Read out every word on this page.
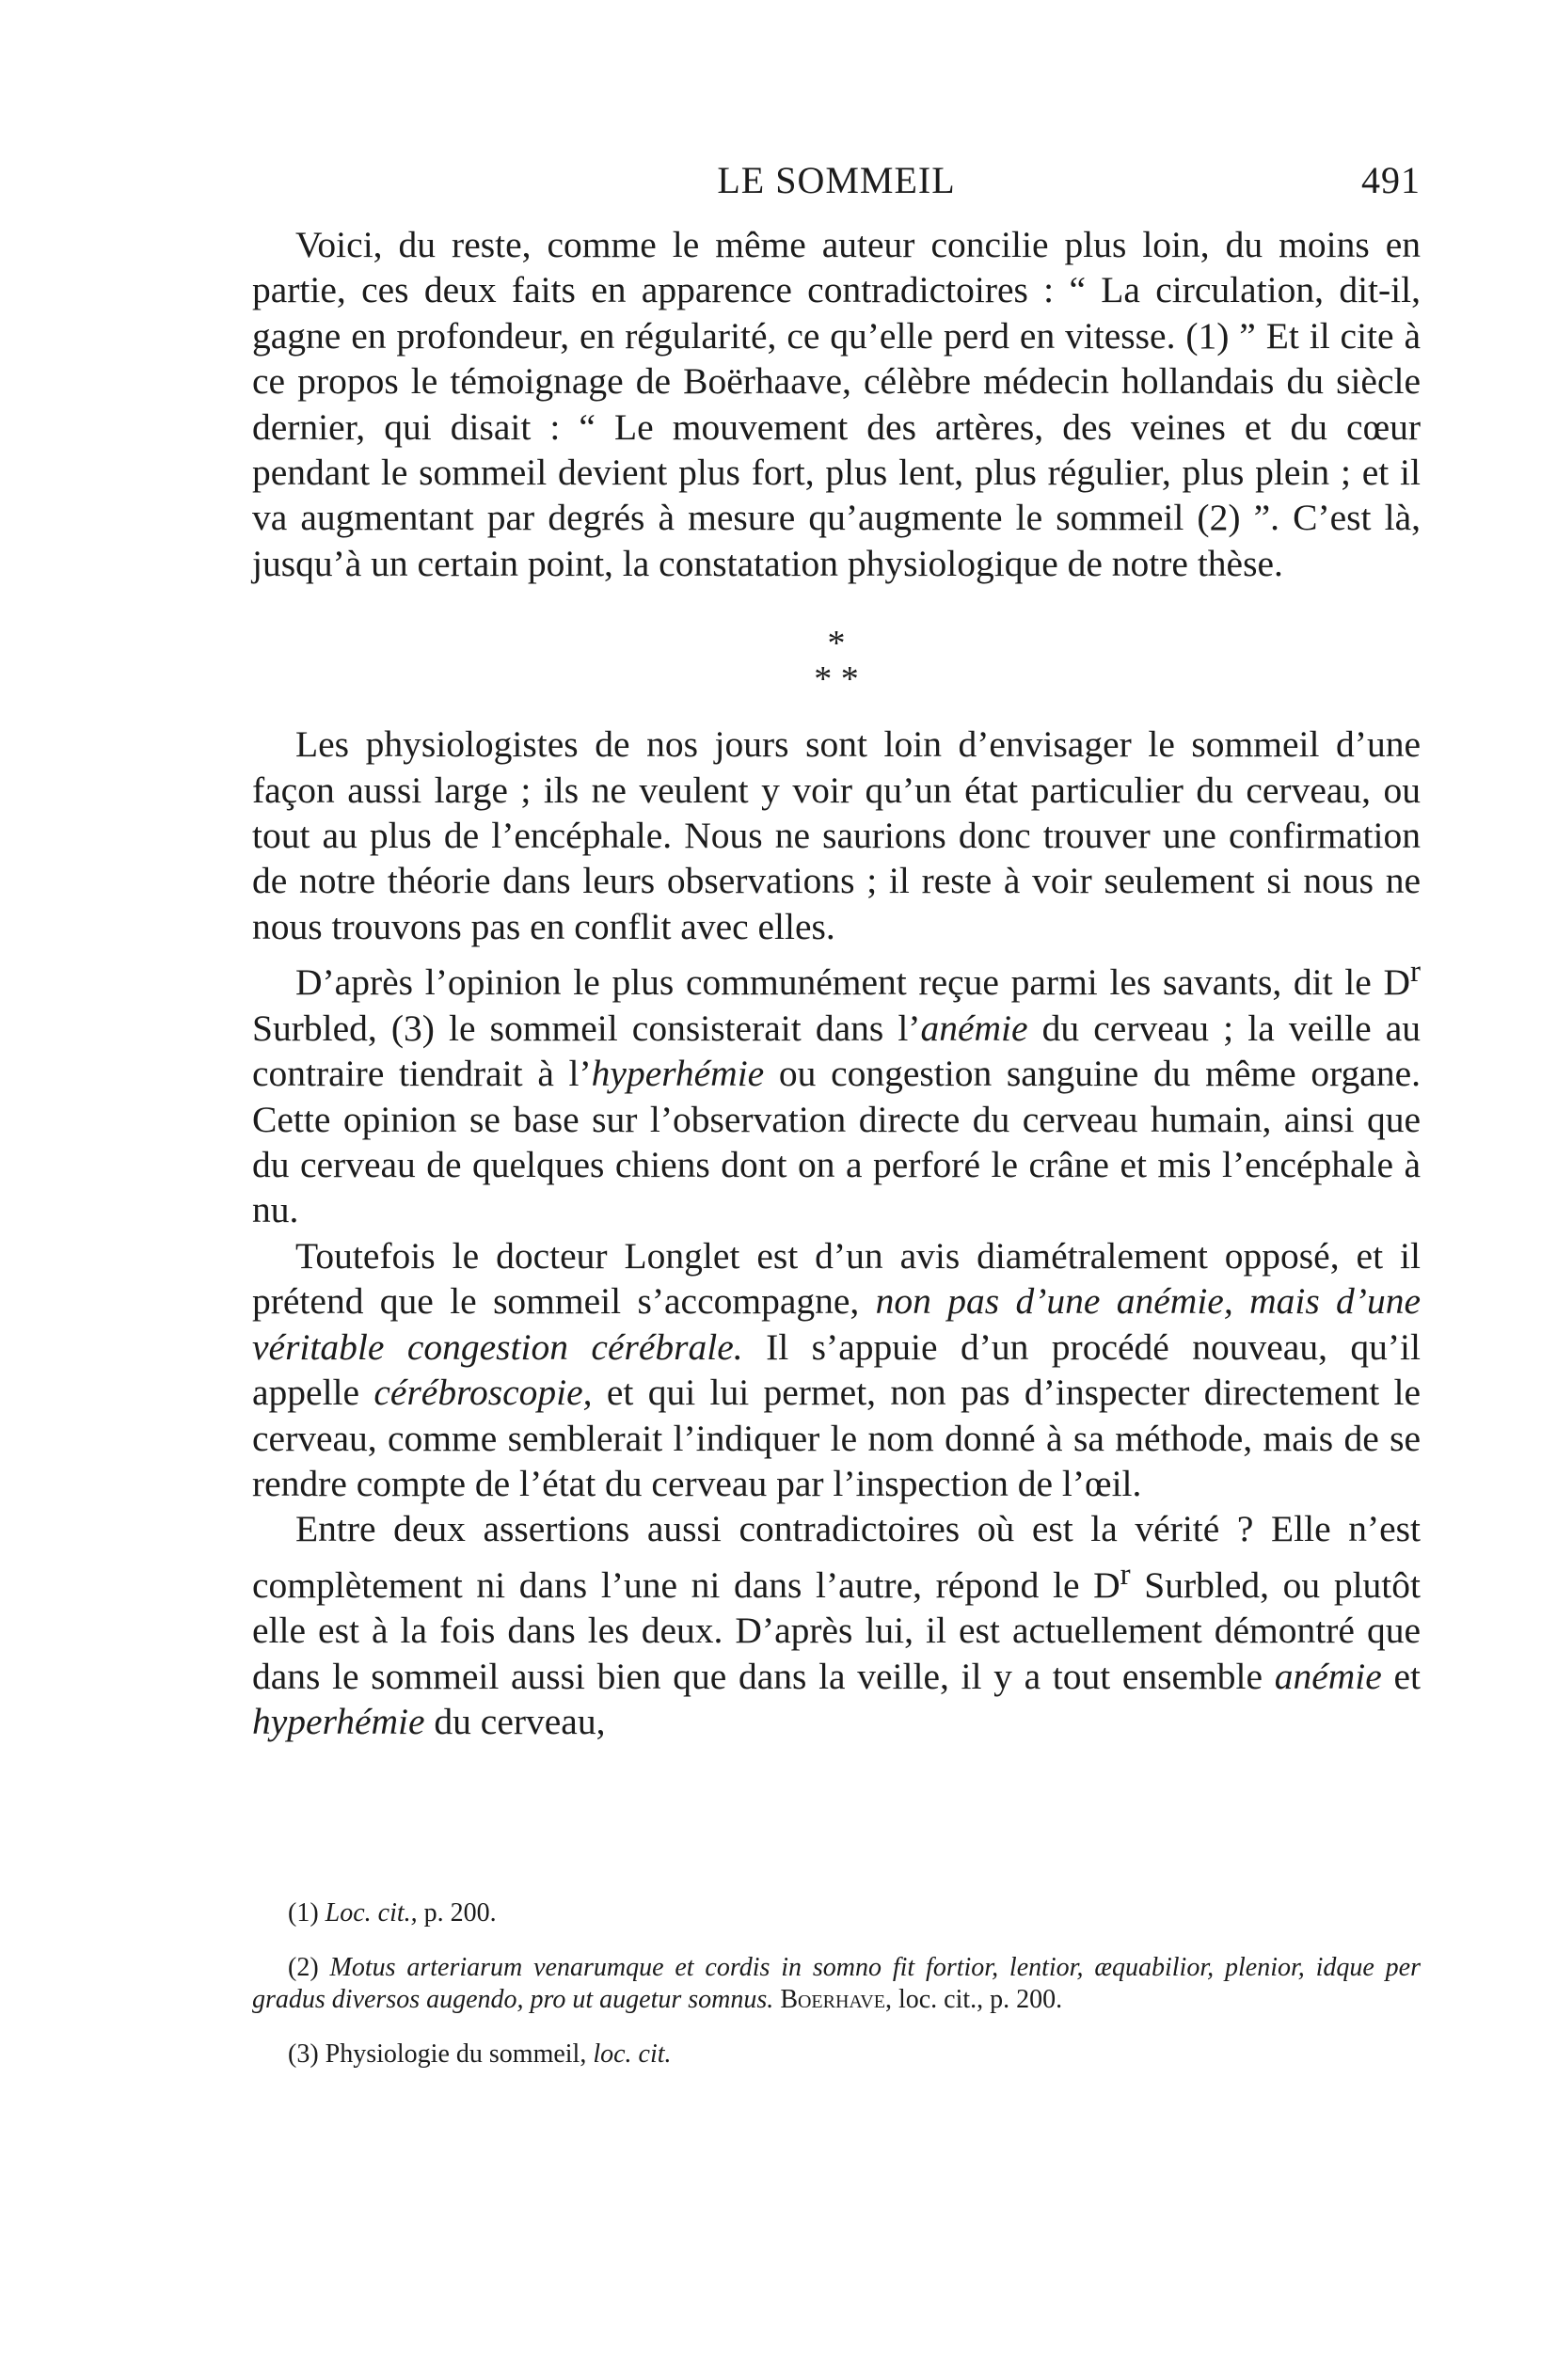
LE SOMMEIL	491

Voici, du reste, comme le même auteur concilie plus loin, du moins en partie, ces deux faits en apparence contradictoires : “ La circulation, dit-il, gagne en profondeur, en régularité, ce qu’elle perd en vitesse. (1) ” Et il cite à ce propos le témoignage de Boërhaave, célèbre médecin hollandais du siècle dernier, qui disait : “ Le mouvement des artères, des veines et du cœur pendant le sommeil devient plus fort, plus lent, plus régulier, plus plein ; et il va augmentant par degrés à mesure qu’augmente le sommeil (2) ”. C’est là, jusqu’à un certain point, la constatation physiologique de notre thèse.

*
* *

Les physiologistes de nos jours sont loin d’envisager le sommeil d’une façon aussi large ; ils ne veulent y voir qu’un état particulier du cerveau, ou tout au plus de l’encéphale. Nous ne saurions donc trouver une confirmation de notre théorie dans leurs observations ; il reste à voir seulement si nous ne nous trouvons pas en conflit avec elles.

D’après l’opinion le plus communément reçue parmi les savants, dit le $D^r$ Surbled, (3) le sommeil consisterait dans l’anémie du cerveau ; la veille au contraire tiendrait à l’hyperhémie ou congestion sanguine du même organe. Cette opinion se base sur l’observation directe du cerveau humain, ainsi que du cerveau de quelques chiens dont on a perforé le crâne et mis l’encéphale à nu.

Toutefois le docteur Longlet est d’un avis diamétralement opposé, et il prétend que le sommeil s’accompagne, non pas d’une anémie, mais d’une véritable congestion cérébrale. Il s’appuie d’un procédé nouveau, qu’il appelle cérébroscopie, et qui lui permet, non pas d’inspecter directement le cerveau, comme semblerait l’indiquer le nom donné à sa méthode, mais de se rendre compte de l’état du cerveau par l’inspection de l’œil.

Entre deux assertions aussi contradictoires où est la vérité ? Elle n’est complètement ni dans l’une ni dans l’autre, répond le $D^r$ Surbled, ou plutôt elle est à la fois dans les deux. D’après lui, il est actuellement démontré que dans le sommeil aussi bien que dans la veille, il y a tout ensemble anémie et hyperhémie du cerveau,

(1) Loc. cit., p. 200.

(2) Motus arteriarum venarumque et cordis in somno fit fortior, lentior, æquabilior, plenior, idque per gradus diversos augendo, pro ut augetur somnus. Boerhave, loc. cit., p. 200.

(3) Physiologie du sommeil, loc. cit.
